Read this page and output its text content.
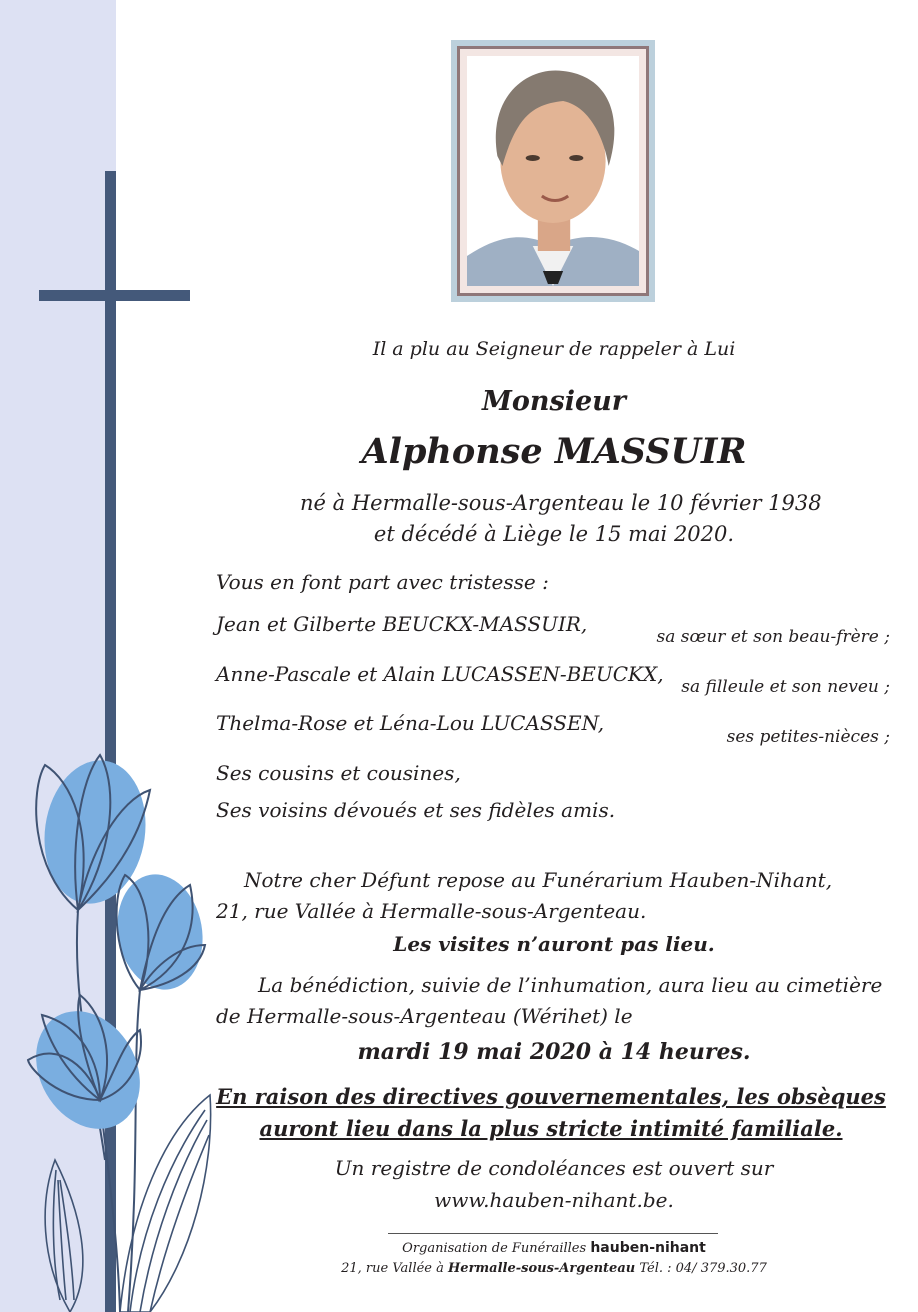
Il a plu au Seigneur de rappeler à Lui
Monsieur
Alphonse MASSUIR
né à Hermalle-sous-Argenteau le 10 février 1938
et décédé à Liège le 15 mai 2020.
Vous en font part avec tristesse :
Jean et Gilberte BEUCKX-MASSUIR,
sa sœur et son beau-frère ;
Anne-Pascale et Alain LUCASSEN-BEUCKX,
sa filleule et son neveu ;
Thelma-Rose et Léna-Lou LUCASSEN,
ses petites-nièces ;
Ses cousins et cousines,
Ses voisins dévoués et ses fidèles amis.
Notre cher Défunt repose au Funérarium Hauben-Nihant,
21, rue Vallée à Hermalle-sous-Argenteau.
Les visites n’auront pas lieu.
La bénédiction, suivie de l’inhumation, aura lieu au cimetière
de Hermalle-sous-Argenteau (Wérihet) le
mardi 19 mai 2020 à 14 heures.
En raison des directives gouvernementales, les obsèques
auront lieu dans la plus stricte intimité familiale.
Un registre de condoléances est ouvert sur
www.hauben-nihant.be.
Organisation de Funérailles hauben-nihant
21, rue Vallée à Hermalle-sous-Argenteau Tél. : 04/ 379.30.77
